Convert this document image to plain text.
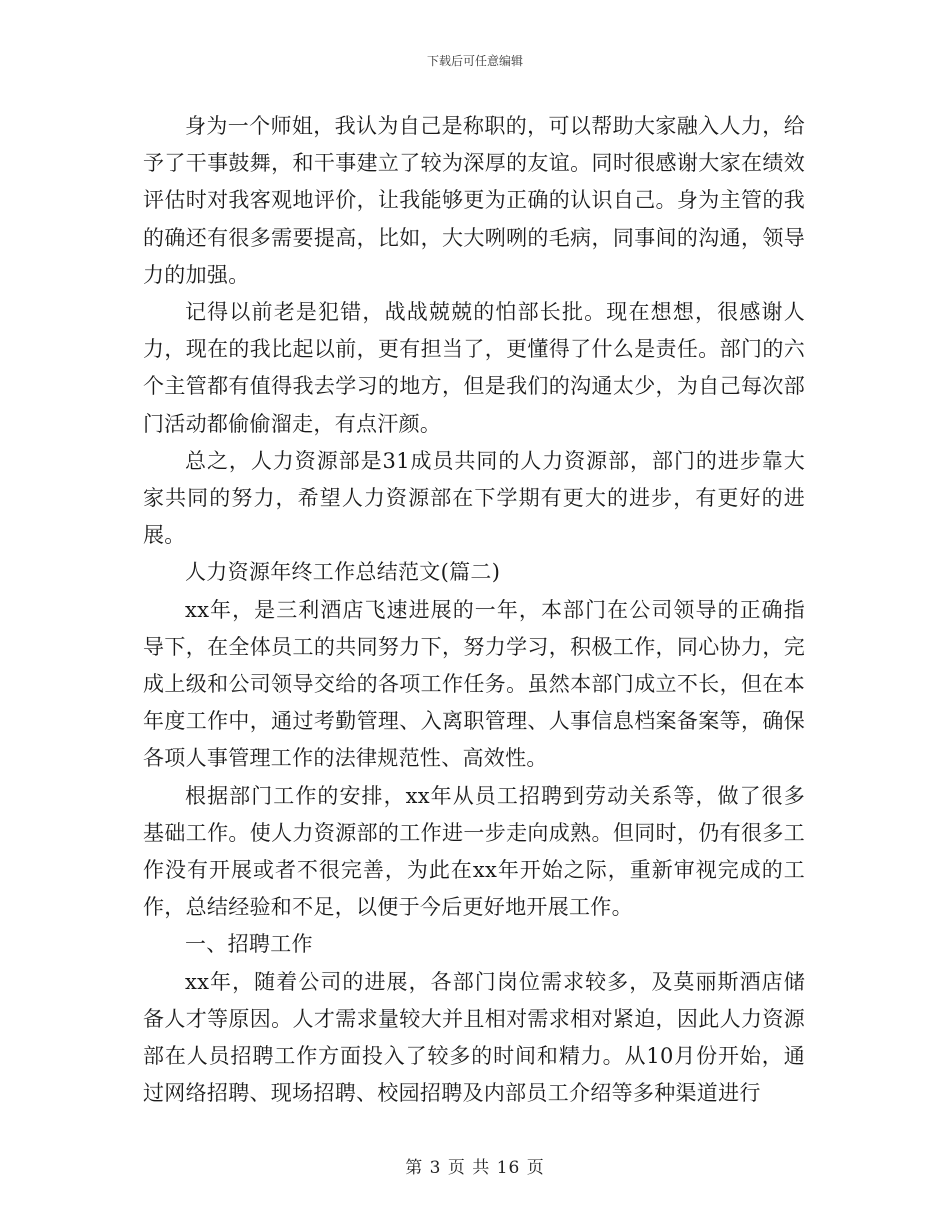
下载后可任意编辑

身为一个师姐，我认为自己是称职的，可以帮助大家融入人力，给予了干事鼓舞，和干事建立了较为深厚的友谊。同时很感谢大家在绩效评估时对我客观地评价，让我能够更为正确的认识自己。身为主管的我的确还有很多需要提高，比如，大大咧咧的毛病，同事间的沟通，领导力的加强。

记得以前老是犯错，战战兢兢的怕部长批。现在想想，很感谢人力，现在的我比起以前，更有担当了，更懂得了什么是责任。部门的六个主管都有值得我去学习的地方，但是我们的沟通太少，为自己每次部门活动都偷偷溜走，有点汗颜。

总之，人力资源部是31成员共同的人力资源部，部门的进步靠大家共同的努力，希望人力资源部在下学期有更大的进步，有更好的进展。

人力资源年终工作总结范文(篇二)

xx年，是三利酒店飞速进展的一年，本部门在公司领导的正确指导下，在全体员工的共同努力下，努力学习，积极工作，同心协力，完成上级和公司领导交给的各项工作任务。虽然本部门成立不长，但在本年度工作中，通过考勤管理、入离职管理、人事信息档案备案等，确保各项人事管理工作的法律规范性、高效性。

根据部门工作的安排，xx年从员工招聘到劳动关系等，做了很多基础工作。使人力资源部的工作进一步走向成熟。但同时，仍有很多工作没有开展或者不很完善，为此在xx年开始之际，重新审视完成的工作，总结经验和不足，以便于今后更好地开展工作。

一、招聘工作

xx年，随着公司的进展，各部门岗位需求较多，及莫丽斯酒店储备人才等原因。人才需求量较大并且相对需求相对紧迫，因此人力资源部在人员招聘工作方面投入了较多的时间和精力。从10月份开始，通过网络招聘、现场招聘、校园招聘及内部员工介绍等多种渠道进行

第 3 页 共 16 页
